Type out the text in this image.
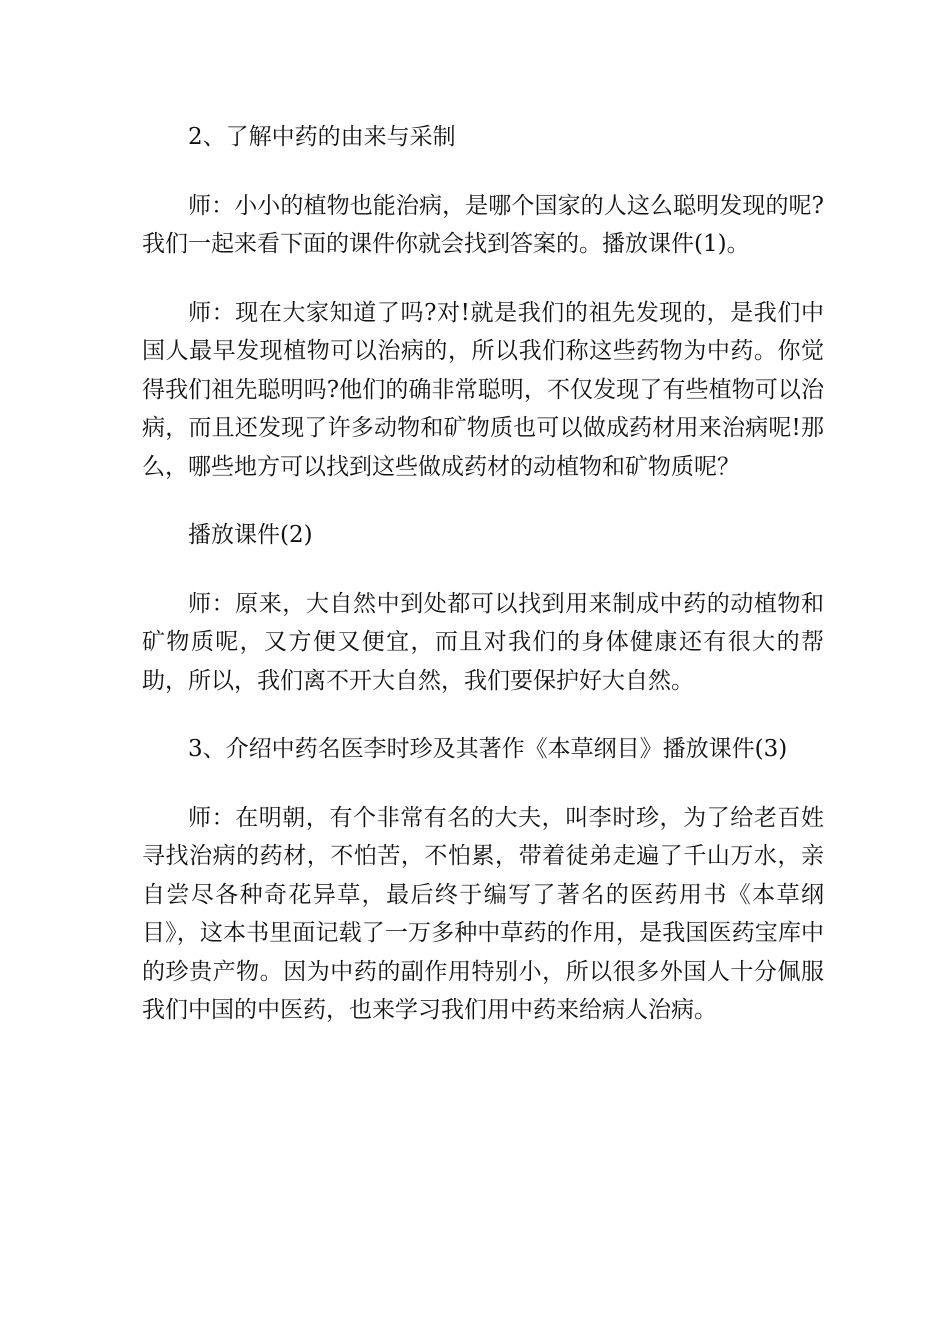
2、了解中药的由来与采制

师：小小的植物也能治病，是哪个国家的人这么聪明发现的呢?我们一起来看下面的课件你就会找到答案的。播放课件(1)。

师：现在大家知道了吗?对!就是我们的祖先发现的，是我们中国人最早发现植物可以治病的，所以我们称这些药物为中药。你觉得我们祖先聪明吗?他们的确非常聪明，不仅发现了有些植物可以治病，而且还发现了许多动物和矿物质也可以做成药材用来治病呢!那么，哪些地方可以找到这些做成药材的动植物和矿物质呢？

播放课件(2)

师：原来，大自然中到处都可以找到用来制成中药的动植物和矿物质呢，又方便又便宜，而且对我们的身体健康还有很大的帮助，所以，我们离不开大自然，我们要保护好大自然。

3、介绍中药名医李时珍及其著作《本草纲目》播放课件(3)

师：在明朝，有个非常有名的大夫，叫李时珍，为了给老百姓寻找治病的药材，不怕苦，不怕累，带着徒弟走遍了千山万水，亲自尝尽各种奇花异草，最后终于编写了著名的医药用书《本草纲目》，这本书里面记载了一万多种中草药的作用，是我国医药宝库中的珍贵产物。因为中药的副作用特别小，所以很多外国人十分佩服我们中国的中医药，也来学习我们用中药来给病人治病。
